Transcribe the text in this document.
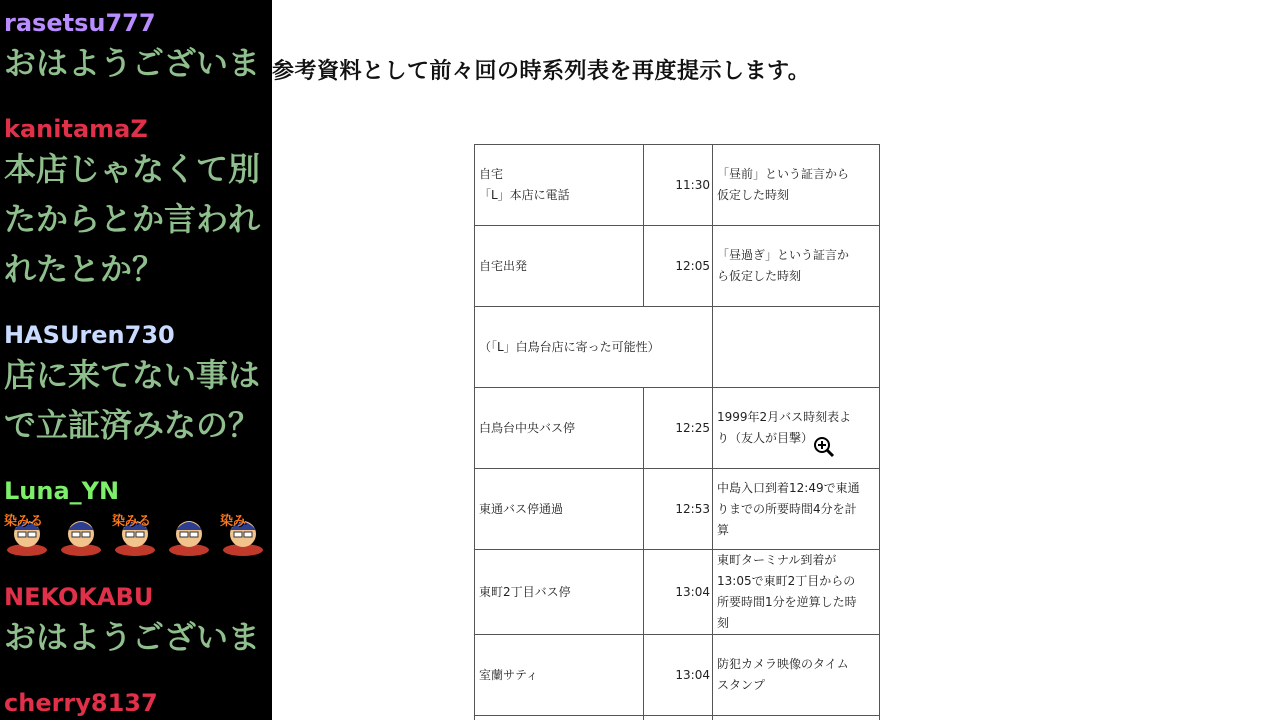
参考資料として前々回の時系列表を再度提示します。
自宅
「L」本店に電話	11:30	「昼前」という証言から
仮定した時刻

自宅出発	12:05	「昼過ぎ」という証言か
ら仮定した時刻

（「L」白鳥台店に寄った可能性）		

白鳥台中央バス停	12:25	1999年2月バス時刻表よ
り（友人が目撃）

東通バス停通過	12:53	中島入口到着12:49で東通
りまでの所要時間4分を計
算

東町2丁目バス停	13:04	東町ターミナル到着が
13:05で東町2丁目からの
所要時間1分を逆算した時
刻

室蘭サティ	13:04	防犯カメラ映像のタイム
スタンプ

rasetsu777
おはようございま
kanitamaZ
本店じゃなくて別
たからとか言われ
れたとか？
HASUren730
店に来てない事は
で立証済みなの？
Luna_YN
染みる	染みる	染み
NEKOKABU
おはようございま
cherry8137
